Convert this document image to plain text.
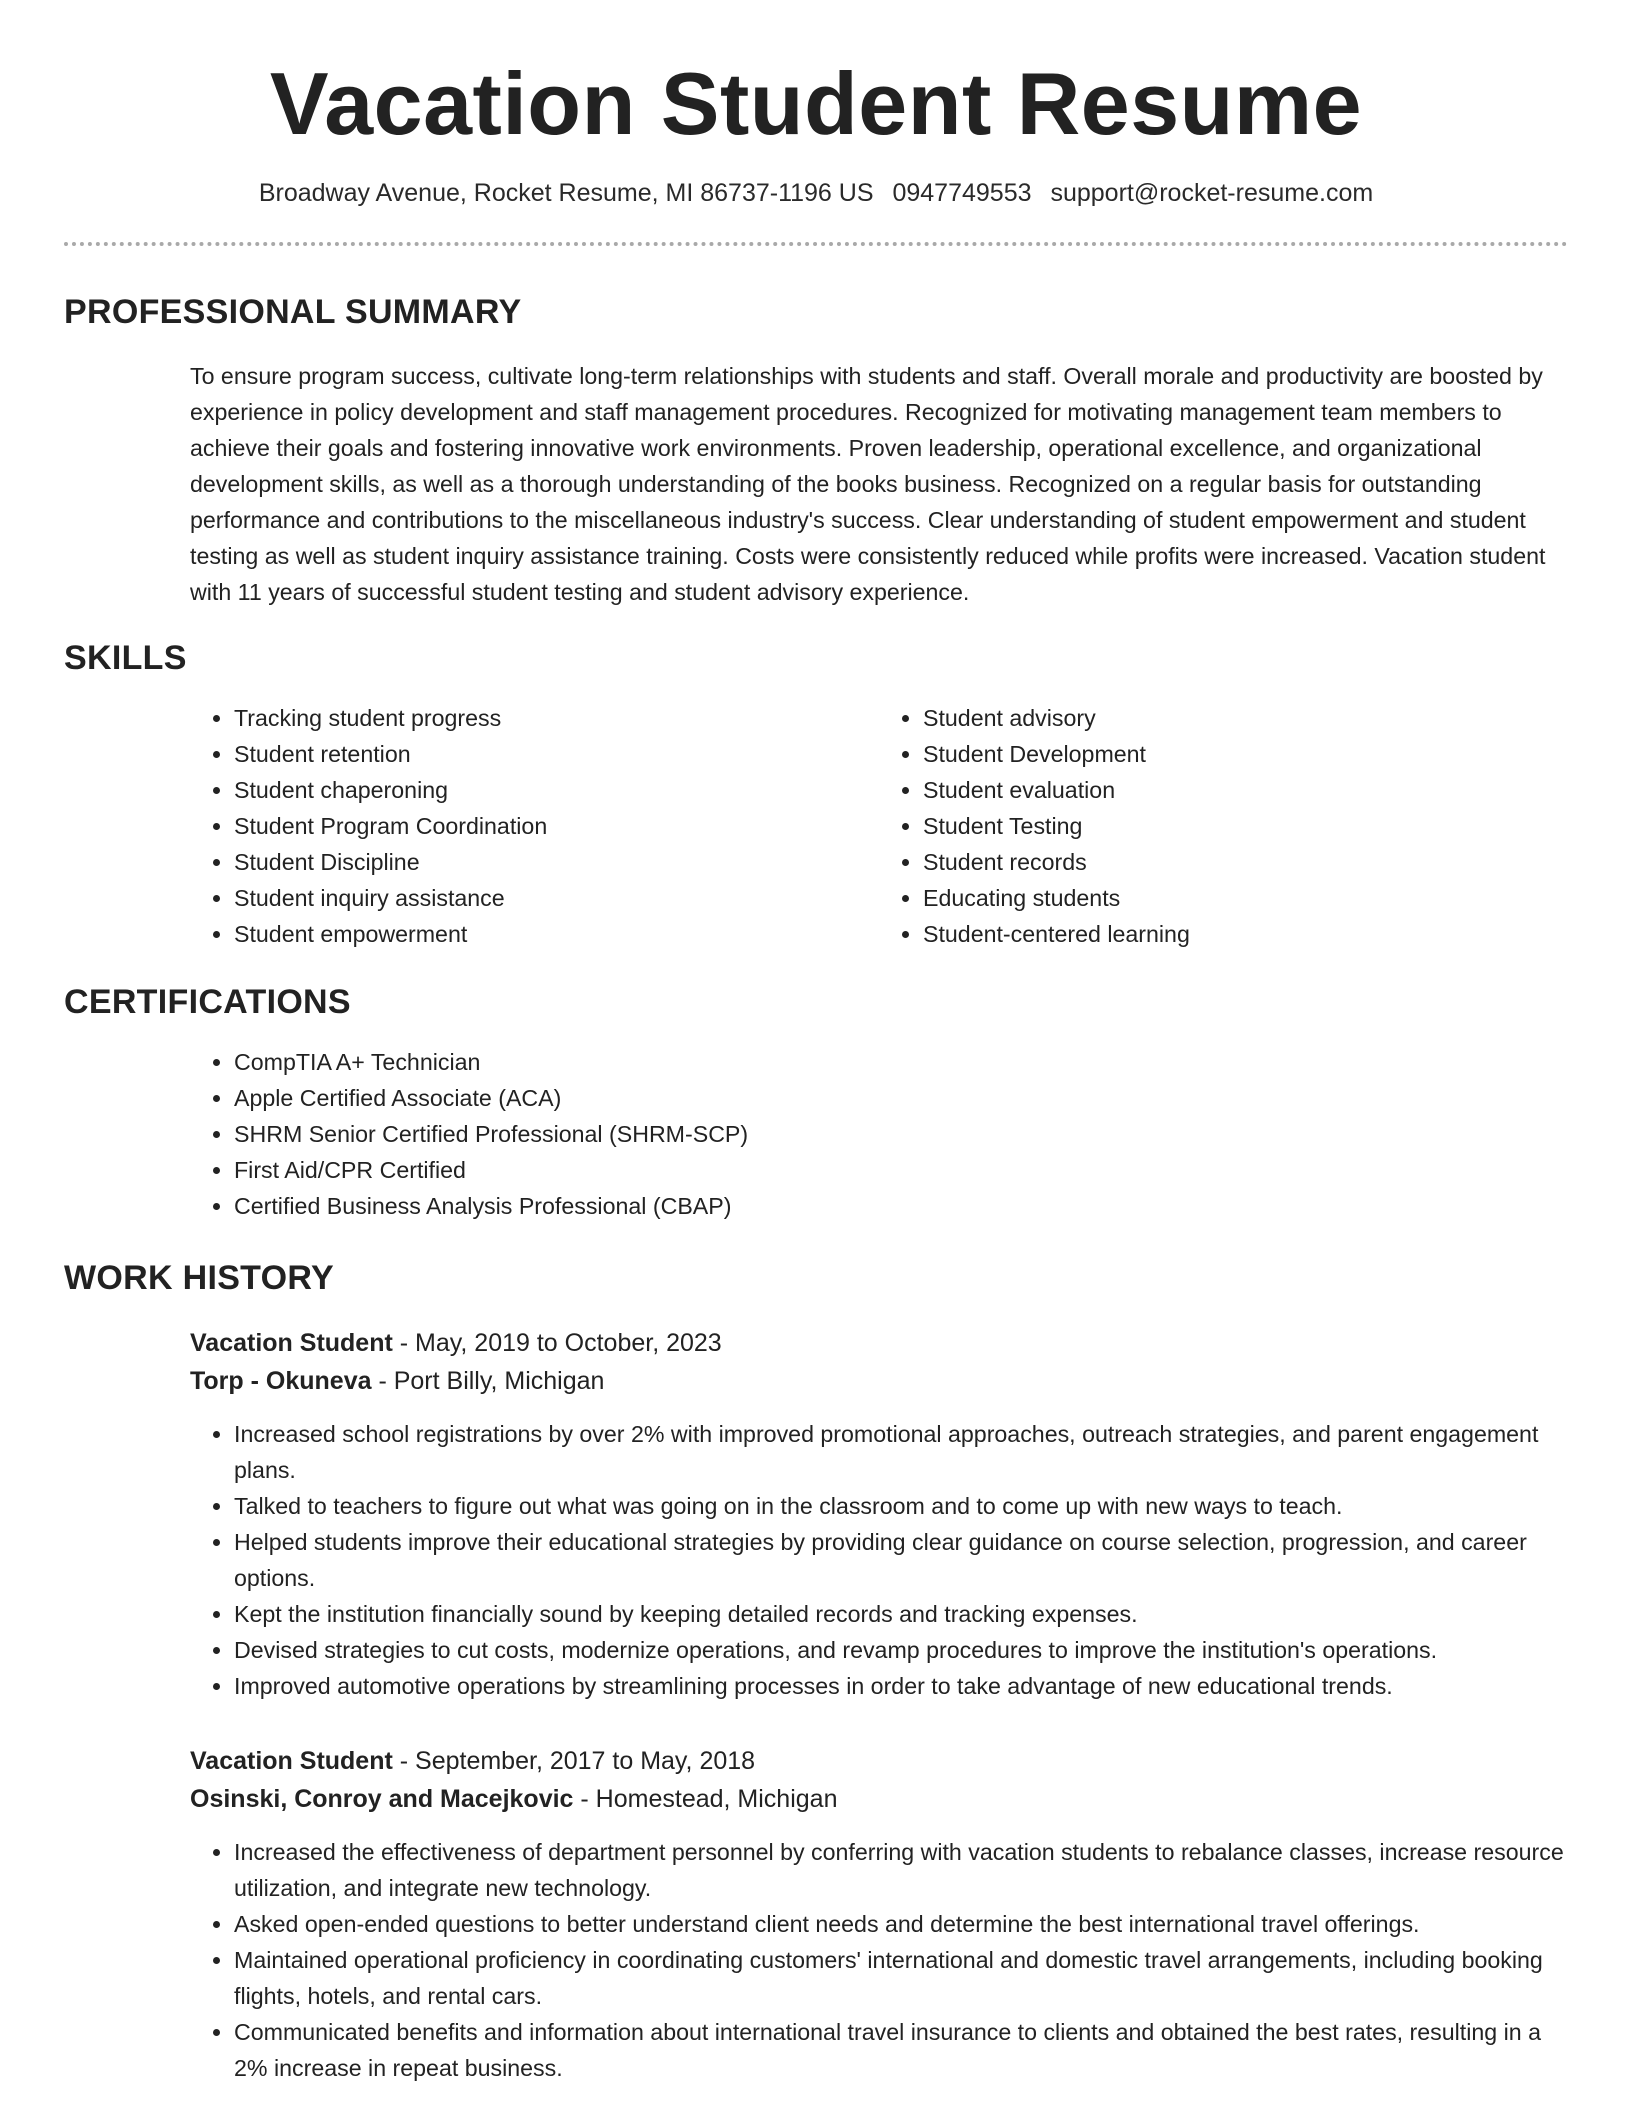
Vacation Student Resume
Broadway Avenue, Rocket Resume, MI 86737-1196 US 0947749553 support@rocket-resume.com
PROFESSIONAL SUMMARY

To ensure program success, cultivate long-term relationships with students and staff. Overall morale and productivity are boosted by experience in policy development and staff management procedures. Recognized for motivating management team members to achieve their goals and fostering innovative work environments. Proven leadership, operational excellence, and organizational development skills, as well as a thorough understanding of the books business. Recognized on a regular basis for outstanding performance and contributions to the miscellaneous industry's success. Clear understanding of student empowerment and student testing as well as student inquiry assistance training. Costs were consistently reduced while profits were increased. Vacation student with 11 years of successful student testing and student advisory experience.

SKILLS
• Tracking student progress
• Student retention
• Student chaperoning
• Student Program Coordination
• Student Discipline
• Student inquiry assistance
• Student empowerment
• Student advisory
• Student Development
• Student evaluation
• Student Testing
• Student records
• Educating students
• Student-centered learning
CERTIFICATIONS
• CompTIA A+ Technician
• Apple Certified Associate (ACA)
• SHRM Senior Certified Professional (SHRM-SCP)
• First Aid/CPR Certified
• Certified Business Analysis Professional (CBAP)
WORK HISTORY
Vacation Student - May, 2019 to October, 2023
Torp - Okuneva - Port Billy, Michigan
• Increased school registrations by over 2% with improved promotional approaches, outreach strategies, and parent engagement plans.
• Talked to teachers to figure out what was going on in the classroom and to come up with new ways to teach.
• Helped students improve their educational strategies by providing clear guidance on course selection, progression, and career options.
• Kept the institution financially sound by keeping detailed records and tracking expenses.
• Devised strategies to cut costs, modernize operations, and revamp procedures to improve the institution's operations.
• Improved automotive operations by streamlining processes in order to take advantage of new educational trends.
Vacation Student - September, 2017 to May, 2018
Osinski, Conroy and Macejkovic - Homestead, Michigan
• Increased the effectiveness of department personnel by conferring with vacation students to rebalance classes, increase resource utilization, and integrate new technology.
• Asked open-ended questions to better understand client needs and determine the best international travel offerings.
• Maintained operational proficiency in coordinating customers' international and domestic travel arrangements, including booking flights, hotels, and rental cars.
• Communicated benefits and information about international travel insurance to clients and obtained the best rates, resulting in a 2% increase in repeat business.
